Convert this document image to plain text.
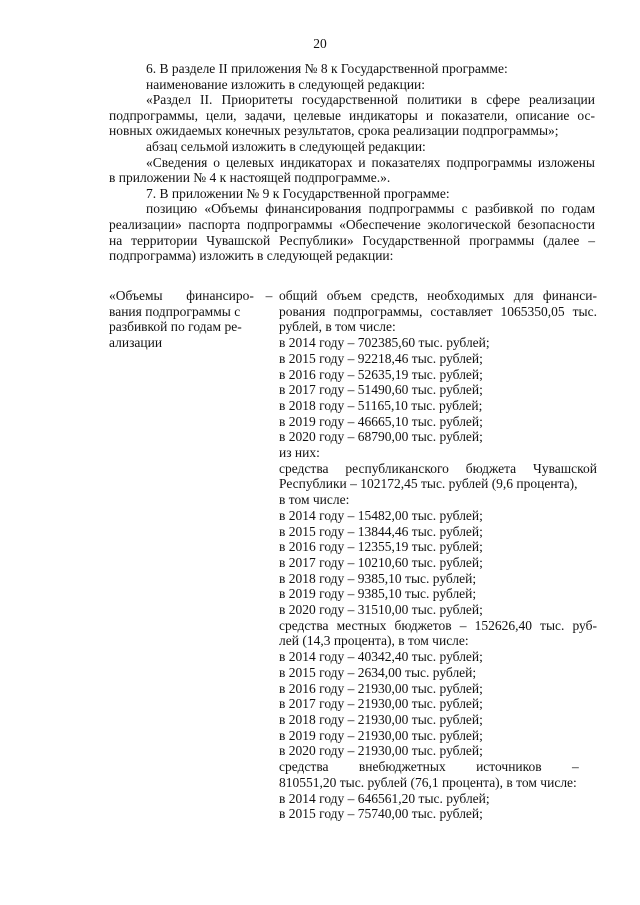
20

6. В разделе II приложения № 8 к Государственной программе:

наименование изложить в следующей редакции:

«Раздел II. Приоритеты государственной политики в сфере реализации

подпрограммы, цели, задачи, целевые индикаторы и показатели, описание ос-

новных ожидаемых конечных результатов, срока реализации подпрограммы»;

абзац сельмой изложить в следующей редакции:

«Сведения о целевых индикаторах и показателях подпрограммы изложены

в приложении № 4 к настоящей подпрограмме.».

7. В приложении № 9 к Государственной программе:

позицию «Объемы финансирования подпрограммы с разбивкой по годам

реализации» паспорта подпрограммы «Обеспечение экологической безопасности

на территории Чувашской Республики» Государственной программы (далее –

подпрограмма) изложить в следующей редакции:

«Объемы       финансиро-
вания подпрограммы с
разбивкой по годам ре-
ализации
– общий объем средств, необходимых для финанси-
рования подпрограммы, составляет 1065350,05 тыс.
рублей, в том числе:
в 2014 году – 702385,60 тыс. рублей;
в 2015 году – 92218,46 тыс. рублей;
в 2016 году – 52635,19 тыс. рублей;
в 2017 году – 51490,60 тыс. рублей;
в 2018 году – 51165,10 тыс. рублей;
в 2019 году – 46665,10 тыс. рублей;
в 2020 году – 68790,00 тыс. рублей;
из них:
средства республиканского бюджета Чувашской
Республики – 102172,45 тыс. рублей (9,6 процента),
в том числе:
в 2014 году – 15482,00 тыс. рублей;
в 2015 году – 13844,46 тыс. рублей;
в 2016 году – 12355,19 тыс. рублей;
в 2017 году – 10210,60 тыс. рублей;
в 2018 году – 9385,10 тыс. рублей;
в 2019 году – 9385,10 тыс. рублей;
в 2020 году – 31510,00 тыс. рублей;
средства местных бюджетов – 152626,40 тыс. руб-
лей (14,3 процента), в том числе:
в 2014 году – 40342,40 тыс. рублей;
в 2015 году – 2634,00 тыс. рублей;
в 2016 году – 21930,00 тыс. рублей;
в 2017 году – 21930,00 тыс. рублей;
в 2018 году – 21930,00 тыс. рублей;
в 2019 году – 21930,00 тыс. рублей;
в 2020 году – 21930,00 тыс. рублей;
средства         внебюджетных         источников         –
810551,20 тыс. рублей (76,1 процента), в том числе:
в 2014 году – 646561,20 тыс. рублей;
в 2015 году – 75740,00 тыс. рублей;
